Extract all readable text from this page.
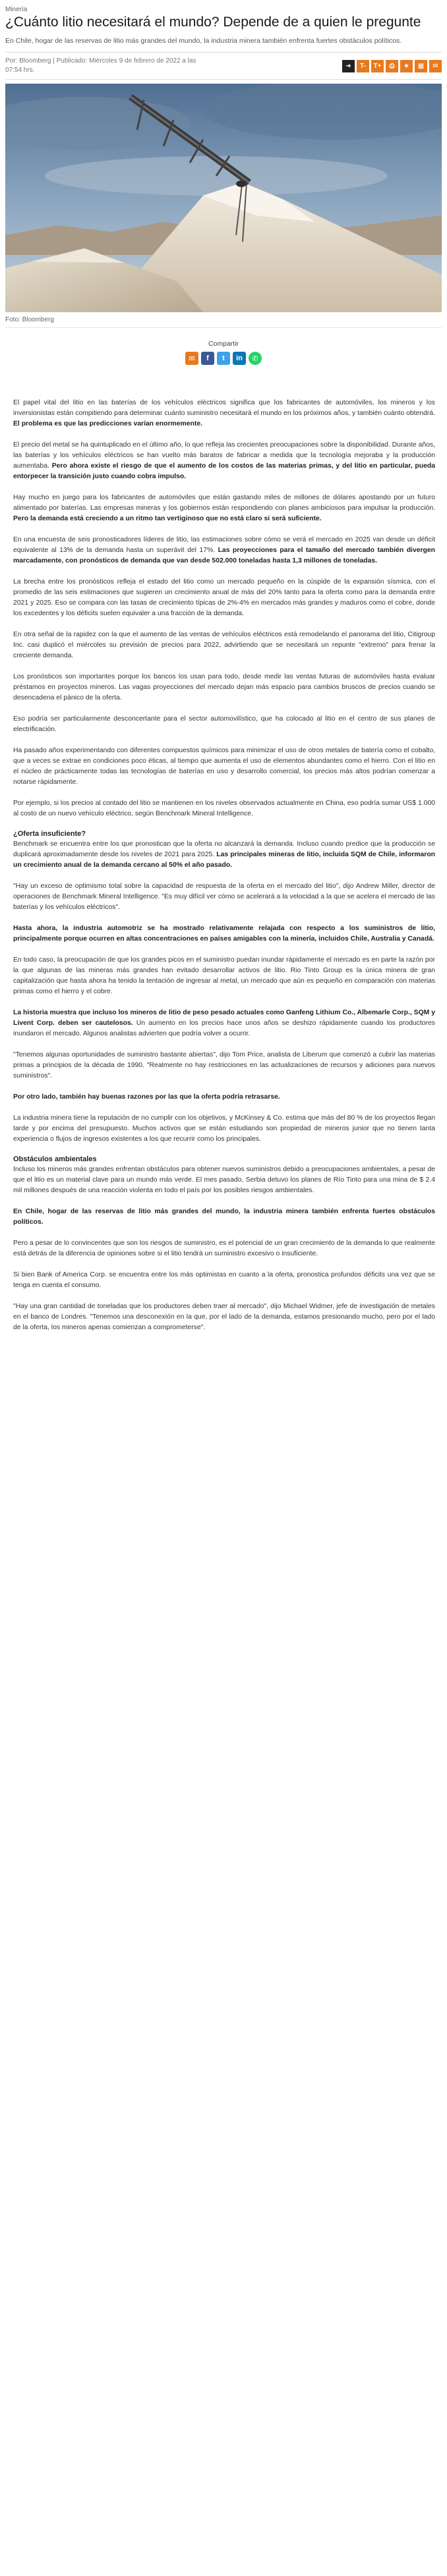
Minería
¿Cuánto litio necesitará el mundo? Depende de a quien le pregunte

En Chile, hogar de las reservas de litio más grandes del mundo, la industria minera también enfrenta fuertes obstáculos políticos.

Por: Bloomberg | Publicado: Miércoles 9 de febrero de 2022 a las 07:54 hrs.
➜	T-	T+	⎙	★	▦	✉
Foto: Bloomberg
Compartir
✉	f	t	in	✆

El papel vital del litio en las baterías de los vehículos eléctricos significa que los fabricantes de automóviles, los mineros y los inversionistas están compitiendo para determinar cuánto suministro necesitará el mundo en los próximos años, y también cuánto obtendrá. El problema es que las predicciones varían enormemente.

El precio del metal se ha quintuplicado en el último año, lo que refleja las crecientes preocupaciones sobre la disponibilidad. Durante años, las baterías y los vehículos eléctricos se han vuelto más baratos de fabricar a medida que la tecnología mejoraba y la producción aumentaba. Pero ahora existe el riesgo de que el aumento de los costos de las materias primas, y del litio en particular, pueda entorpecer la transición justo cuando cobra impulso.

Hay mucho en juego para los fabricantes de automóviles que están gastando miles de millones de dólares apostando por un futuro alimentado por baterías. Las empresas mineras y los gobiernos están respondiendo con planes ambiciosos para impulsar la producción. Pero la demanda está creciendo a un ritmo tan vertiginoso que no está claro si será suficiente.

En una encuesta de seis pronosticadores líderes de litio, las estimaciones sobre cómo se verá el mercado en 2025 van desde un déficit equivalente al 13% de la demanda hasta un superávit del 17%. Las proyecciones para el tamaño del mercado también divergen marcadamente, con pronósticos de demanda que van desde 502.000 toneladas hasta 1,3 millones de toneladas.

La brecha entre los pronósticos refleja el estado del litio como un mercado pequeño en la cúspide de la expansión sísmica, con el promedio de las seis estimaciones que sugieren un crecimiento anual de más del 20% tanto para la oferta como para la demanda entre 2021 y 2025. Eso se compara con las tasas de crecimiento típicas de 2%-4% en mercados más grandes y maduros como el cobre, donde los excedentes y los déficits suelen equivaler a una fracción de la demanda.

En otra señal de la rapidez con la que el aumento de las ventas de vehículos eléctricos está remodelando el panorama del litio, Citigroup Inc. casi duplicó el miércoles su previsión de precios para 2022, advirtiendo que se necesitará un repunte "extremo" para frenar la creciente demanda.

Los pronósticos son importantes porque los bancos los usan para todo, desde medir las ventas futuras de automóviles hasta evaluar préstamos en proyectos mineros. Las vagas proyecciones del mercado dejan más espacio para cambios bruscos de precios cuando se desencadena el pánico de la oferta.

Eso podría ser particularmente desconcertante para el sector automovilístico, que ha colocado al litio en el centro de sus planes de electrificación.

Ha pasado años experimentando con diferentes compuestos químicos para minimizar el uso de otros metales de batería como el cobalto, que a veces se extrae en condiciones poco éticas, al tiempo que aumenta el uso de elementos abundantes como el hierro. Con el litio en el núcleo de prácticamente todas las tecnologías de baterías en uso y desarrollo comercial, los precios más altos podrían comenzar a notarse rápidamente.

Por ejemplo, si los precios al contado del litio se mantienen en los niveles observados actualmente en China, eso podría sumar US$ 1.000 al costo de un nuevo vehículo eléctrico, según Benchmark Mineral Intelligence.

¿Oferta insuficiente?

Benchmark se encuentra entre los que pronostican que la oferta no alcanzará la demanda. Incluso cuando predice que la producción se duplicará aproximadamente desde los niveles de 2021 para 2025. Las principales mineras de litio, incluida SQM de Chile, informaron un crecimiento anual de la demanda cercano al 50% el año pasado.

"Hay un exceso de optimismo total sobre la capacidad de respuesta de la oferta en el mercado del litio", dijo Andrew Miller, director de operaciones de Benchmark Mineral Intelligence. "Es muy difícil ver cómo se acelerará a la velocidad a la que se acelera el mercado de las baterías y los vehículos eléctricos".

Hasta ahora, la industria automotriz se ha mostrado relativamente relajada con respecto a los suministros de litio, principalmente porque ocurren en altas concentraciones en países amigables con la minería, incluidos Chile, Australia y Canadá.

En todo caso, la preocupación de que los grandes picos en el suministro puedan inundar rápidamente el mercado es en parte la razón por la que algunas de las mineras más grandes han evitado desarrollar activos de litio. Rio Tinto Group es la única minera de gran capitalización que hasta ahora ha tenido la tentación de ingresar al metal, un mercado que aún es pequeño en comparación con materias primas como el hierro y el cobre.

La historia muestra que incluso los mineros de litio de peso pesado actuales como Ganfeng Lithium Co., Albemarle Corp., SQM y Livent Corp. deben ser cautelosos. Un aumento en los precios hace unos años se deshizo rápidamente cuando los productores inundaron el mercado. Algunos analistas advierten que podría volver a ocurrir.

"Tenemos algunas oportunidades de suministro bastante abiertas", dijo Tom Price, analista de Liberum que comenzó a cubrir las materias primas a principios de la década de 1990. "Realmente no hay restricciones en las actualizaciones de recursos y adiciones para nuevos suministros".

Por otro lado, también hay buenas razones por las que la oferta podría retrasarse.

La industria minera tiene la reputación de no cumplir con los objetivos, y McKinsey & Co. estima que más del 80 % de los proyectos llegan tarde y por encima del presupuesto. Muchos activos que se están estudiando son propiedad de mineros junior que no tienen tanta experiencia o flujos de ingresos existentes a los que recurrir como los principales.

Obstáculos ambientales

Incluso los mineros más grandes enfrentan obstáculos para obtener nuevos suministros debido a preocupaciones ambientales, a pesar de que el litio es un material clave para un mundo más verde. El mes pasado, Serbia detuvo los planes de Río Tinto para una mina de $ 2.4 mil millones después de una reacción violenta en todo el país por los posibles riesgos ambientales.

En Chile, hogar de las reservas de litio más grandes del mundo, la industria minera también enfrenta fuertes obstáculos políticos.

Pero a pesar de lo convincentes que son los riesgos de suministro, es el potencial de un gran crecimiento de la demanda lo que realmente está detrás de la diferencia de opiniones sobre si el litio tendrá un suministro excesivo o insuficiente.

Si bien Bank of America Corp. se encuentra entre los más optimistas en cuanto a la oferta, pronostica profundos déficits una vez que se tenga en cuenta el consumo.

"Hay una gran cantidad de toneladas que los productores deben traer al mercado", dijo Michael Widmer, jefe de investigación de metales en el banco de Londres. "Tenemos una desconexión en la que, por el lado de la demanda, estamos presionando mucho, pero por el lado de la oferta, los mineros apenas comienzan a comprometerse".
